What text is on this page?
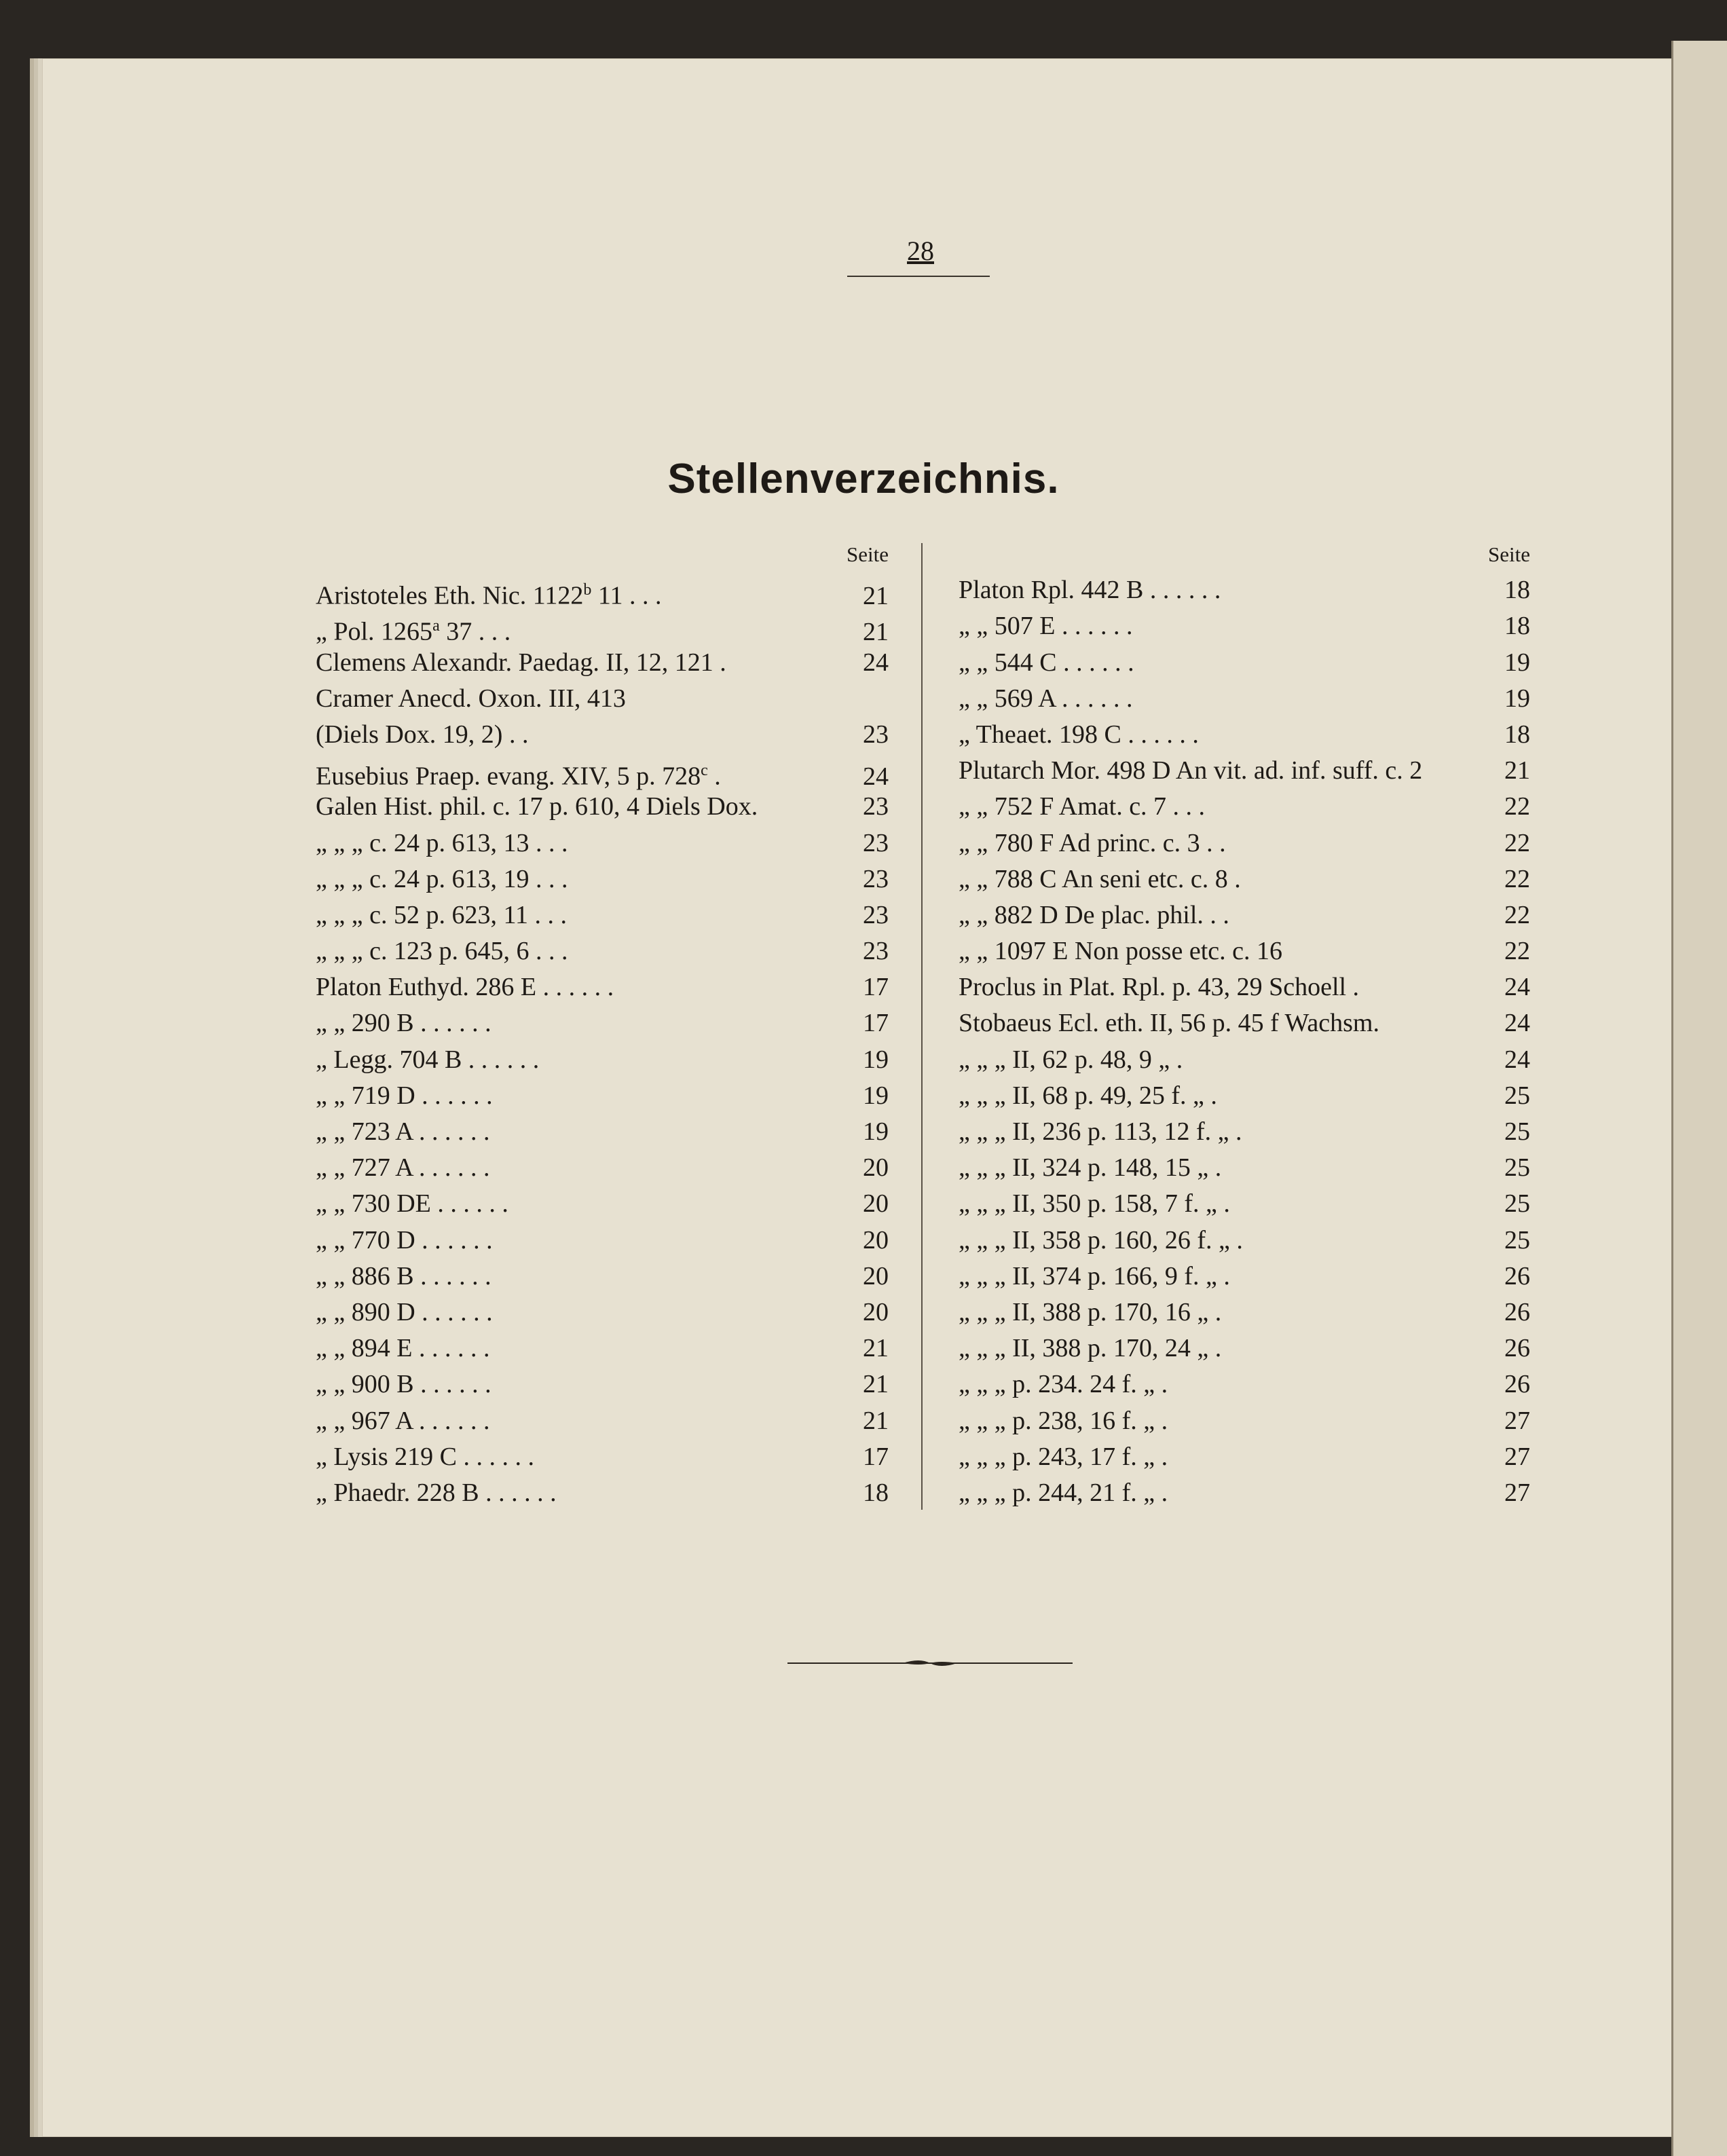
28
Stellenverzeichnis.
Seite
Aristoteles Eth. Nic. 1122$^b$ 11 . . .	21
„ Pol. 1265$^a$ 37 . . .	21
Clemens Alexandr. Paedag. II, 12, 121 .	24
Cramer Anecd. Oxon. III, 413
(Diels Dox. 19, 2) . .	23
Eusebius Praep. evang. XIV, 5 p. 728$^c$ .	24
Galen Hist. phil. c. 17 p. 610, 4 Diels Dox.	23
„ „ „ c. 24 p. 613, 13 . . .	23
„ „ „ c. 24 p. 613, 19 . . .	23
„ „ „ c. 52 p. 623, 11 . . .	23
„ „ „ c. 123 p. 645, 6 . . .	23
Platon Euthyd. 286 E . . . . . .	17
„ „ 290 B . . . . . .	17
„ Legg. 704 B . . . . . .	19
„ „ 719 D . . . . . .	19
„ „ 723 A . . . . . .	19
„ „ 727 A . . . . . .	20
„ „ 730 DE . . . . . .	20
„ „ 770 D . . . . . .	20
„ „ 886 B . . . . . .	20
„ „ 890 D . . . . . .	20
„ „ 894 E . . . . . .	21
„ „ 900 B . . . . . .	21
„ „ 967 A . . . . . .	21
„ Lysis 219 C . . . . . .	17
„ Phaedr. 228 B . . . . . .	18
Seite
Platon Rpl. 442 B . . . . . .	18
„ „ 507 E . . . . . .	18
„ „ 544 C . . . . . .	19
„ „ 569 A . . . . . .	19
„ Theaet. 198 C . . . . . .	18
Plutarch Mor. 498 D An vit. ad. inf. suff. c. 2	21
„ „ 752 F Amat. c. 7 . . .	22
„ „ 780 F Ad princ. c. 3 . .	22
„ „ 788 C An seni etc. c. 8 .	22
„ „ 882 D De plac. phil. . .	22
„ „ 1097 E Non posse etc. c. 16	22
Proclus in Plat. Rpl. p. 43, 29 Schoell .	24
Stobaeus Ecl. eth. II, 56 p. 45 f Wachsm.	24
„ „ „ II, 62 p. 48, 9 „ .	24
„ „ „ II, 68 p. 49, 25 f. „ .	25
„ „ „ II, 236 p. 113, 12 f. „ .	25
„ „ „ II, 324 p. 148, 15 „ .	25
„ „ „ II, 350 p. 158, 7 f. „ .	25
„ „ „ II, 358 p. 160, 26 f. „ .	25
„ „ „ II, 374 p. 166, 9 f. „ .	26
„ „ „ II, 388 p. 170, 16 „ .	26
„ „ „ II, 388 p. 170, 24 „ .	26
„ „ „ p. 234. 24 f. „ .	26
„ „ „ p. 238, 16 f. „ .	27
„ „ „ p. 243, 17 f. „ .	27
„ „ „ p. 244, 21 f. „ .	27
